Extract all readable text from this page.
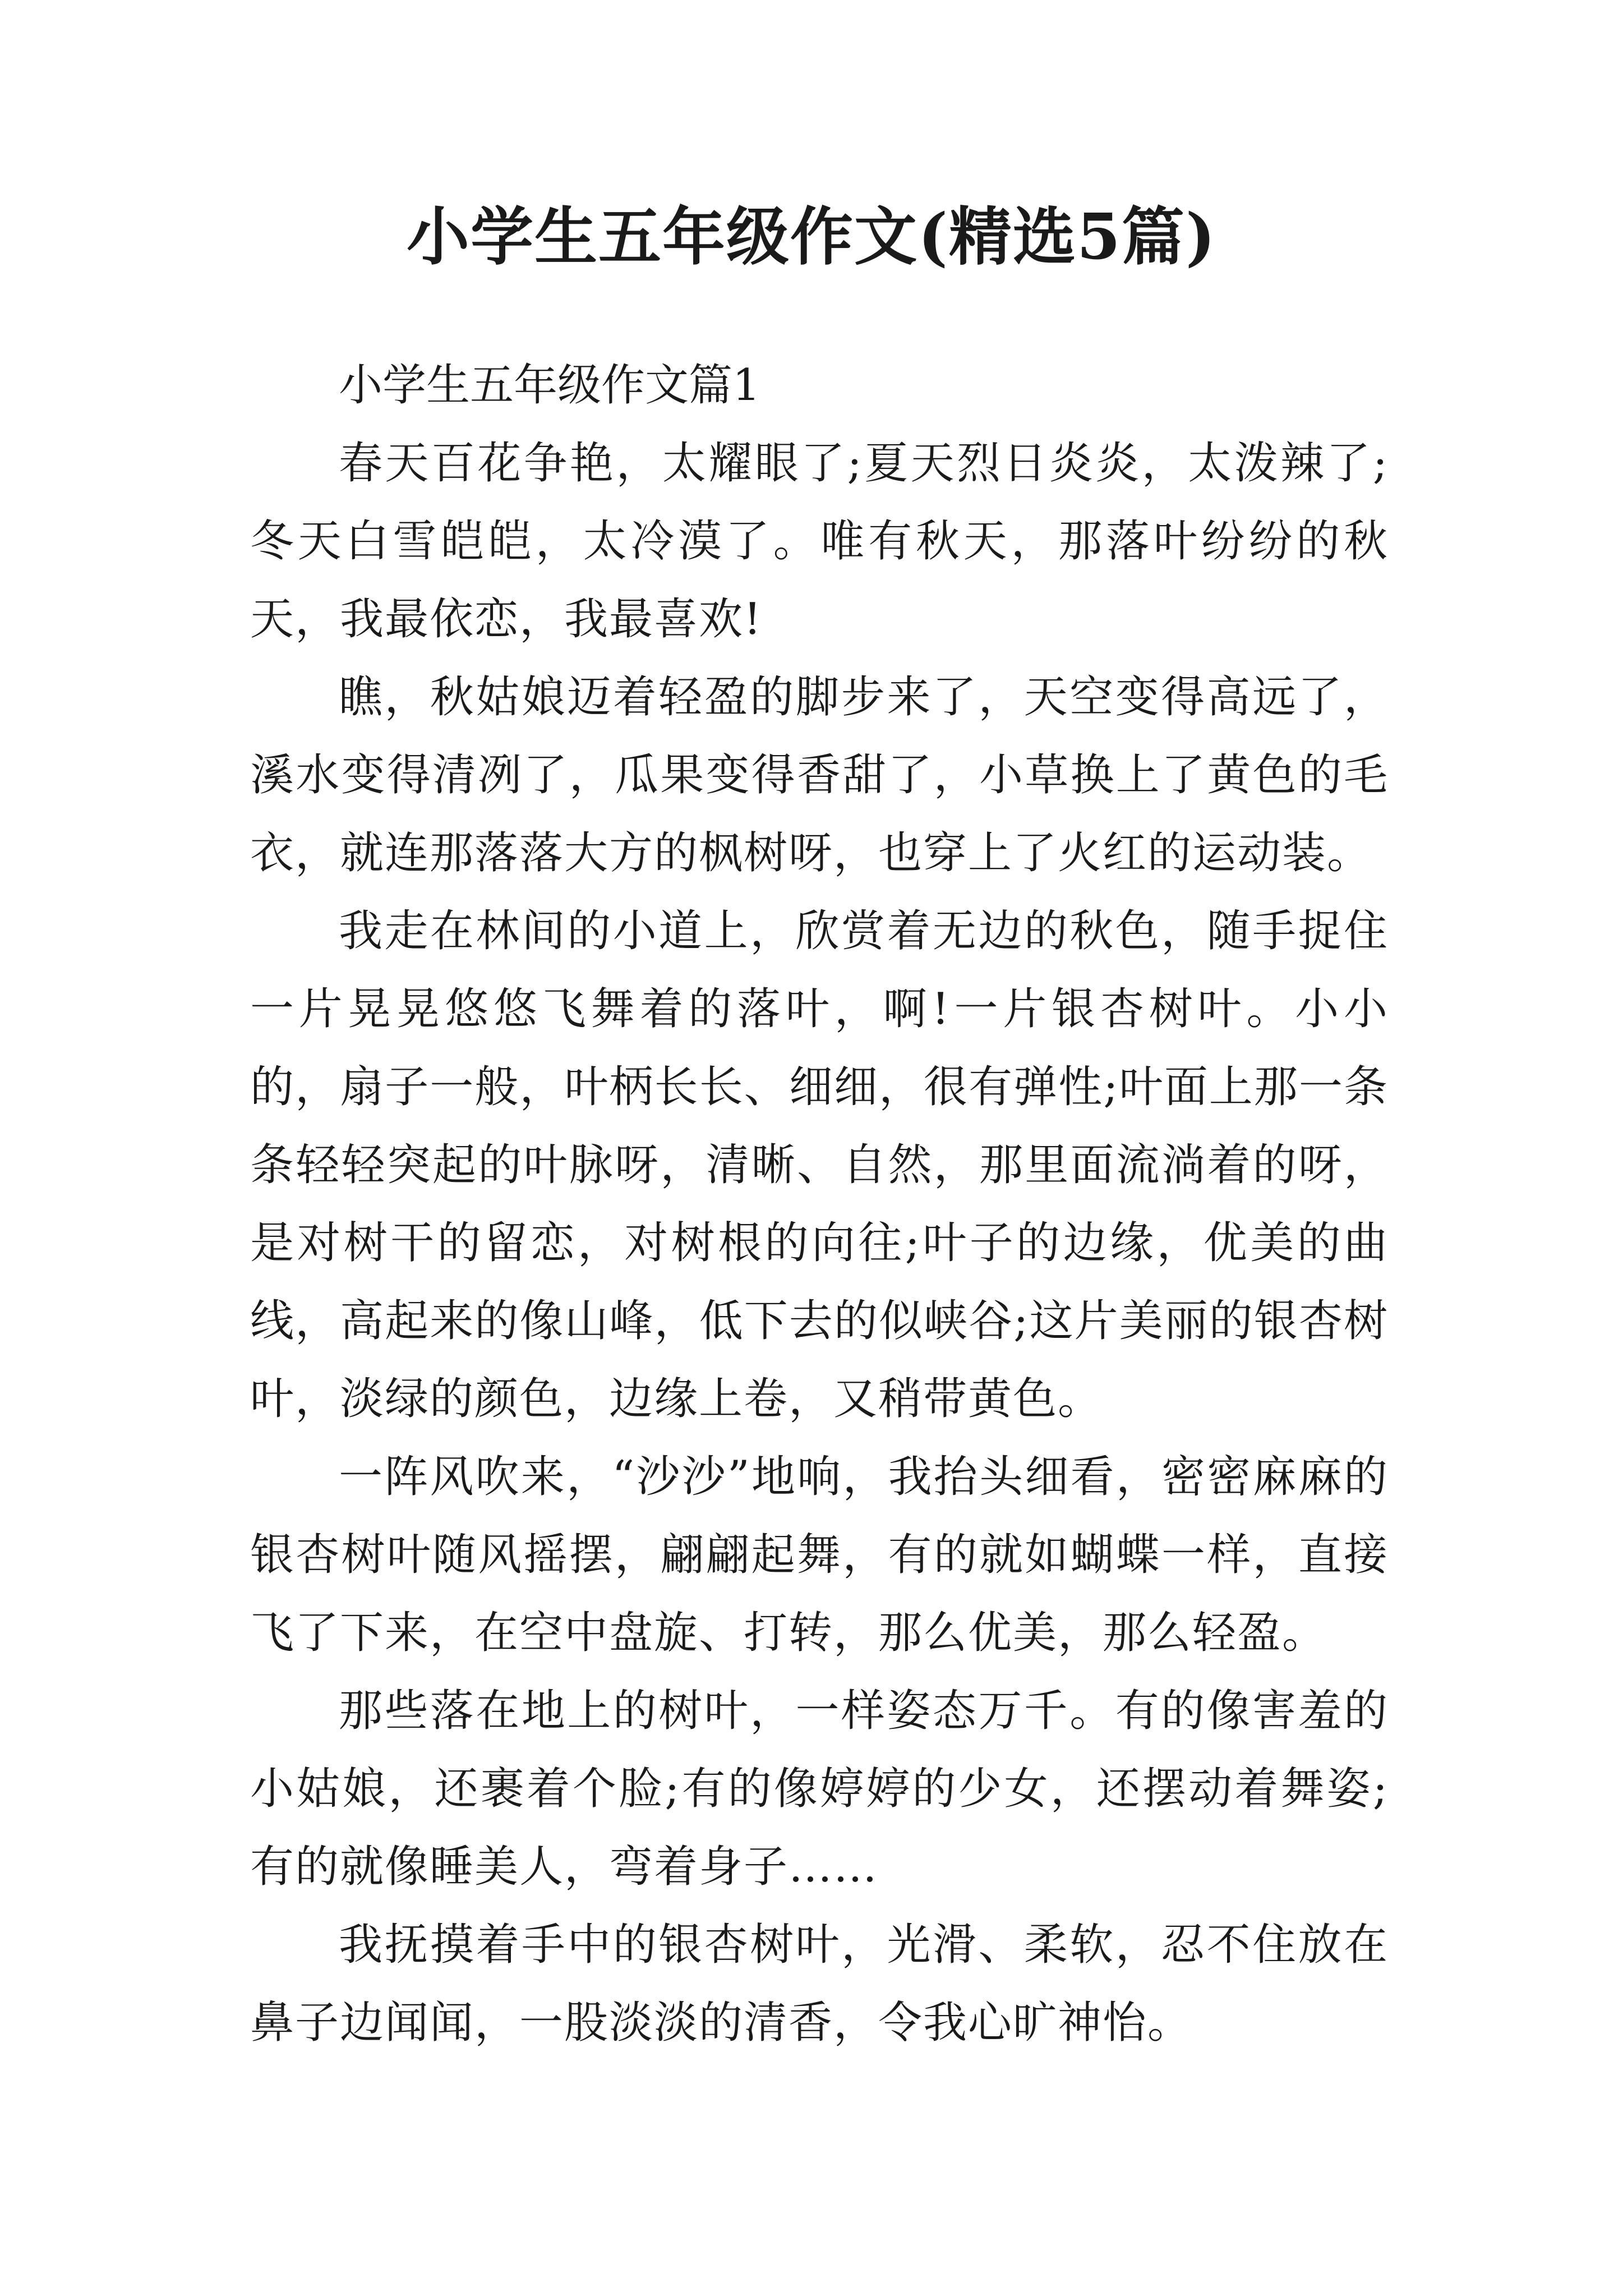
小学生五年级作文(精选5篇)
小学生五年级作文篇1

春天百花争艳，太耀眼了;夏天烈日炎炎，太泼辣了;冬天白雪皑皑，太冷漠了。唯有秋天，那落叶纷纷的秋天，我最依恋，我最喜欢!

瞧，秋姑娘迈着轻盈的脚步来了，天空变得高远了，溪水变得清冽了，瓜果变得香甜了，小草换上了黄色的毛衣，就连那落落大方的枫树呀，也穿上了火红的运动装。

我走在林间的小道上，欣赏着无边的秋色，随手捉住一片晃晃悠悠飞舞着的落叶，啊!一片银杏树叶。小小的，扇子一般，叶柄长长、细细，很有弹性;叶面上那一条条轻轻突起的叶脉呀，清晰、自然，那里面流淌着的呀，是对树干的留恋，对树根的向往;叶子的边缘，优美的曲线，高起来的像山峰，低下去的似峡谷;这片美丽的银杏树叶，淡绿的颜色，边缘上卷，又稍带黄色。

一阵风吹来，“沙沙”地响，我抬头细看，密密麻麻的银杏树叶随风摇摆，翩翩起舞，有的就如蝴蝶一样，直接飞了下来，在空中盘旋、打转，那么优美，那么轻盈。

那些落在地上的树叶，一样姿态万千。有的像害羞的小姑娘，还裹着个脸;有的像婷婷的少女，还摆动着舞姿;有的就像睡美人，弯着身子……

我抚摸着手中的银杏树叶，光滑、柔软，忍不住放在鼻子边闻闻，一股淡淡的清香，令我心旷神怡。
